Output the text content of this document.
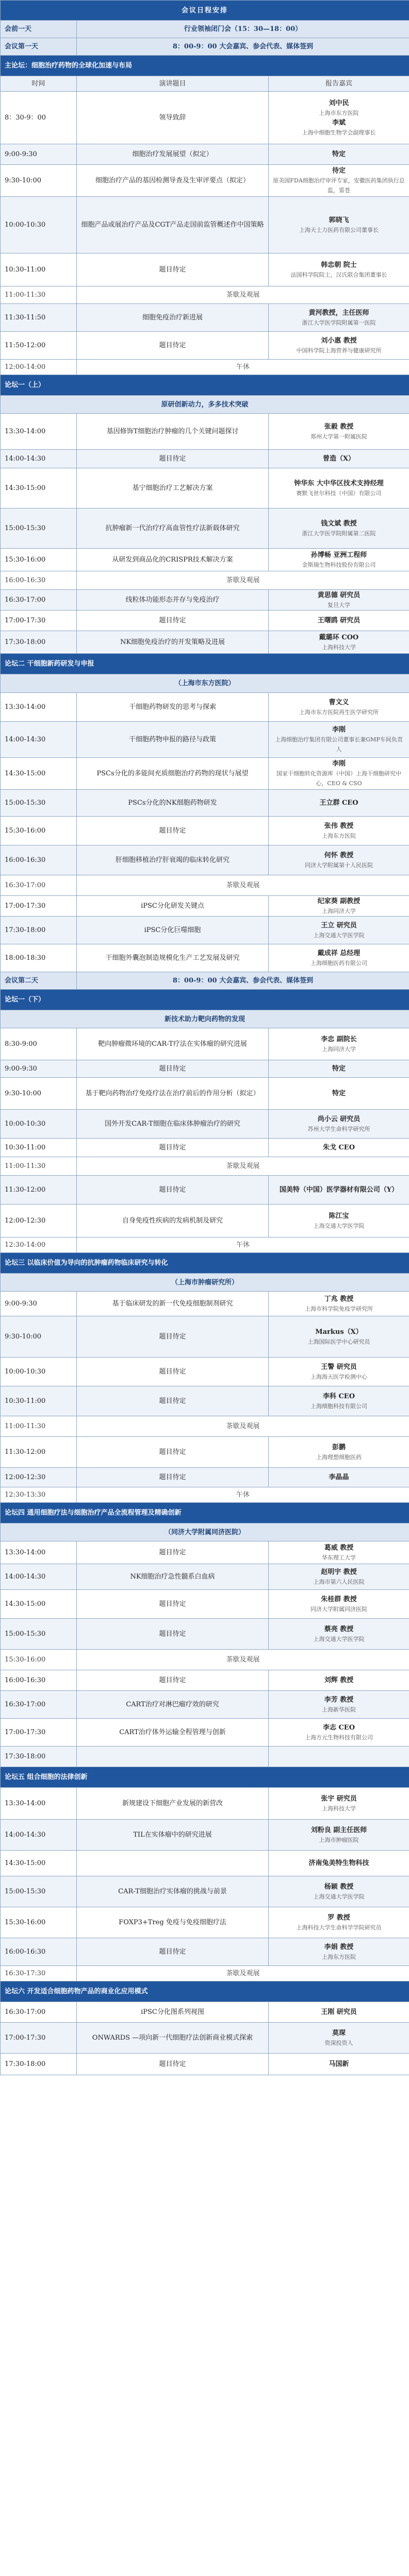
会议日程安排		
会前一天	行业领袖闭门会（15：30—18：00）	
会议第一天	8：00-9：00 大会嘉宾、参会代表、媒体签到	
主论坛：细胞治疗药物的全球化加速与布局		
时间	演讲题目	报告嘉宾
8：30-9：00	领导致辞	刘中民
上海市东方医院
李斌
上海中细胞生物学会副理事长

9:00-9:30	细胞治疗发展展望（拟定）	特定

9:30-10:00	细胞治疗产品的基因检测导查及生审评要点（拟定）	待定
原美国FDA细胞治疗审评专家，安徽医药集团执行总监，雷苍

10:00-10:30	细胞产品或展治疗产品及CGT产品走国前监管概述作中国策略	郭晓飞
上海天士力医药有限公司董事长

10:30-11:00	题目待定	韩忠朝 院士
法国科学院院士，汉氏联合集团董事长

11:00-11:30	茶歇及观展	
11:30-11:50	细胞免疫治疗新进展	黄河教授，主任医师
浙江大学医学院附属第一医院

11:50-12:00	题目待定	刘小惠 教授
中国科学院上海营养与健康研究所

12:00-14:00	午休	
论坛一（上）		
原研创新动力，多多技术突破		
13:30-14:00	基因修饰T细胞治疗肿瘤的几个关键问题探讨	张毅 教授
郑州大学第一附属医院

14:00-14:30	题目待定	曾造（X）

14:30-15:00	基宁细胞治疗工艺解决方案	钟华东 大中华区技术支持经理
赛默飞世尔科技（中国）有限公司

15:00-15:30	抗肿瘤新一代治疗疗高血管性疗法新载体研究	钱文斌 教授
浙江大学医学院附属第二医院

15:30-16:00	从研发到商品化的CRISPR技术解决方案	孙博畅 亚洲工程师
金斯瑞生物科技股份有限公司

16:00-16:30	茶歇及观展	
16:30-17:00	线粒体功能形态并存与免疫治疗	黄思德 研究员
复旦大学

17:00-17:30	题目待定	王曙鸥 研究员

17:30-18:00	NK细胞免疫治疗的开发策略及进展	戴璐环 COO
上海科技大学

论坛二 干细胞新药研发与申报		
（上海市东方医院）		
13:30-14:00	干细胞药物研发的思考与探索	曹文义
上海市东方医院再生医学研究所

14:00-14:30	干细胞药物申报的路径与政策	李刚
上海细胞治疗集团有限公司董事长兼GMP车间负责人

14:30-15:00	PSCs分化的多能间充质细胞治疗药物的现状与展望	李刚
国家干细胞转化资源库（中国）上海干细胞研究中心，CEO & CSO

15:00-15:30	PSCs分化的NK细胞药物研发	王立群 CEO

15:30-16:00	题目待定	张伟 教授
上海东方医院

16:00-16:30	肝细胞移植治疗肝衰竭的临床转化研究	何怀 教授
同济大学附属第十人民医院

16:30-17:00	茶歇及观展	
17:00-17:30	iPSC分化研发关键点	纪家葵 副教授
上海同济大学

17:30-18:00	iPSC分化巨噬细胞	王立 研究员
上海交通大学医学院

18:00-18:30	干细胞外囊泡制造规模化生产工艺发展及研究	戴成祥 总经理
上海细胞医药有限公司

会议第二天	8：00-9：00 大会嘉宾、参会代表、媒体签到	
论坛一（下）		
新技术助力靶向药物的发现		
8:30-9:00	靶向肿瘤微环境的CAR-T疗法在实体瘤的研究进展	李忠 副院长
上海同济大学

9:00-9:30	题目待定	特定

9:30-10:00	基于靶向药物治疗免疫疗法在治疗前后的作用分析（拟定）	特定

10:00-10:30	国外开发CAR-T细胞在临床体肿瘤治疗的研究	尚小云 研究员
苏州大学生命科学研究所

10:30-11:00	题目待定	朱戈 CEO

11:00-11:30	茶歇及观展	
11:30-12:00	题目待定	国美特（中国）医学器材有限公司（Y）

12:00-12:30	自身免疫性疾病的发病机制及研究	陈江宝
上海交通大学医学院

12:30-14:00	午休	
论坛三 以临床价值为导向的抗肿瘤药物临床研究与转化		
（上海市肿瘤研究所）		
9:00-9:30	基于临床研发的新一代免疫细胞制剂研究	丁兆 教授
上海市科学院免疫学研究所

9:30-10:00	题目待定	Markus（X）
上海国际医学中心研究员

10:00-10:30	题目待定	王警 研究员
上海海天医学检测中心

10:30-11:00	题目待定	李科 CEO
上海细胞科技有限公司

11:00-11:30	茶歇及观展	
11:30-12:00	题目待定	彭鹏
上海理想细胞医药

12:00-12:30	题目待定	李晶晶

12:30-13:30	午休	
论坛四 通用细胞疗法与细胞治疗产品全流程管理及精确创新		
（同济大学附属同济医院）		
13:30-14:00	题目待定	葛威 教授
华东理工大学

14:00-14:30	NK细胞治疗急性髓系白血病	赵明宇 教授
上海市第六人民医院

14:30-15:00	题目待定	朱桂群 教授
同济大学附属同济医院

15:00-15:30	题目待定	蔡亮 教授
上海交通大学医学院

15:30-16:00	茶歇及观展	
16:00-16:30	题目待定	刘辉 教授

16:30-17:00	CART治疗对淋巴瘤疗效的研究	李芳 教授
上海新华医院

17:00-17:30	CART治疗体外运输全程管理与创新	李志 CEO
上海方元生物科技有限公司

17:30-18:00		

论坛五 组合细胞的法律创新		
13:30-14:00	新规建设下细胞产业发展的新营改	张宇 研究员
上海科技大学

14:00-14:30	TIL在实体瘤中的研究进展	刘粉良 副主任医师
上海市肿瘤医院

14:30-15:00		济南兔美特生物科技

15:00-15:30	CAR-T细胞治疗实体瘤的挑战与前景	杨颖 教授
上海交通大学医学院

15:30-16:00	FOXP3+Treg 免疫与免疫细胞疗法	罗 教授
上海科技大学生命科学学院研究员

16:00-16:30	题目待定	李娟 教授
上海东方医院

16:30-17:30	茶歇及观展	
论坛六 开发适合细胞药物产品的商业化应用模式		
16:30-17:00	iPSC分化图系列视图	王刚 研究员

17:00-17:30	ONWARDS —项向新一代细胞疗法创新商业模式探索	莫琛
资深投资人

17:30-18:00	题目待定	马国新
